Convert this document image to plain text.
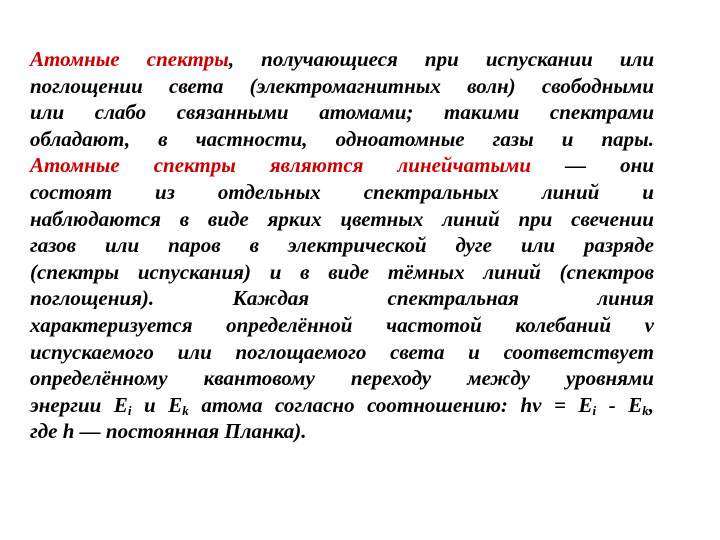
Атомные спектры, получающиеся при испускании или
поглощении света (электромагнитных волн) свободными
или слабо связанными атомами; такими спектрами
обладают, в частности, одноатомные газы и пары.
Атомные спектры являются линейчатыми — они
состоят из отдельных спектральных линий и
наблюдаются в виде ярких цветных линий при свечении
газов или паров в электрической дуге или разряде
(спектры испускания) и в виде тёмных линий (спектров
поглощения). Каждая спектральная линия
характеризуется определённой частотой колебаний ν
испускаемого или поглощаемого света и соответствует
определённому квантовому переходу между уровнями
энергии $E_i$ и $E_k$ атома согласно соотношению: $h\nu = E_i - E_k$,
где h — постоянная Планка).
